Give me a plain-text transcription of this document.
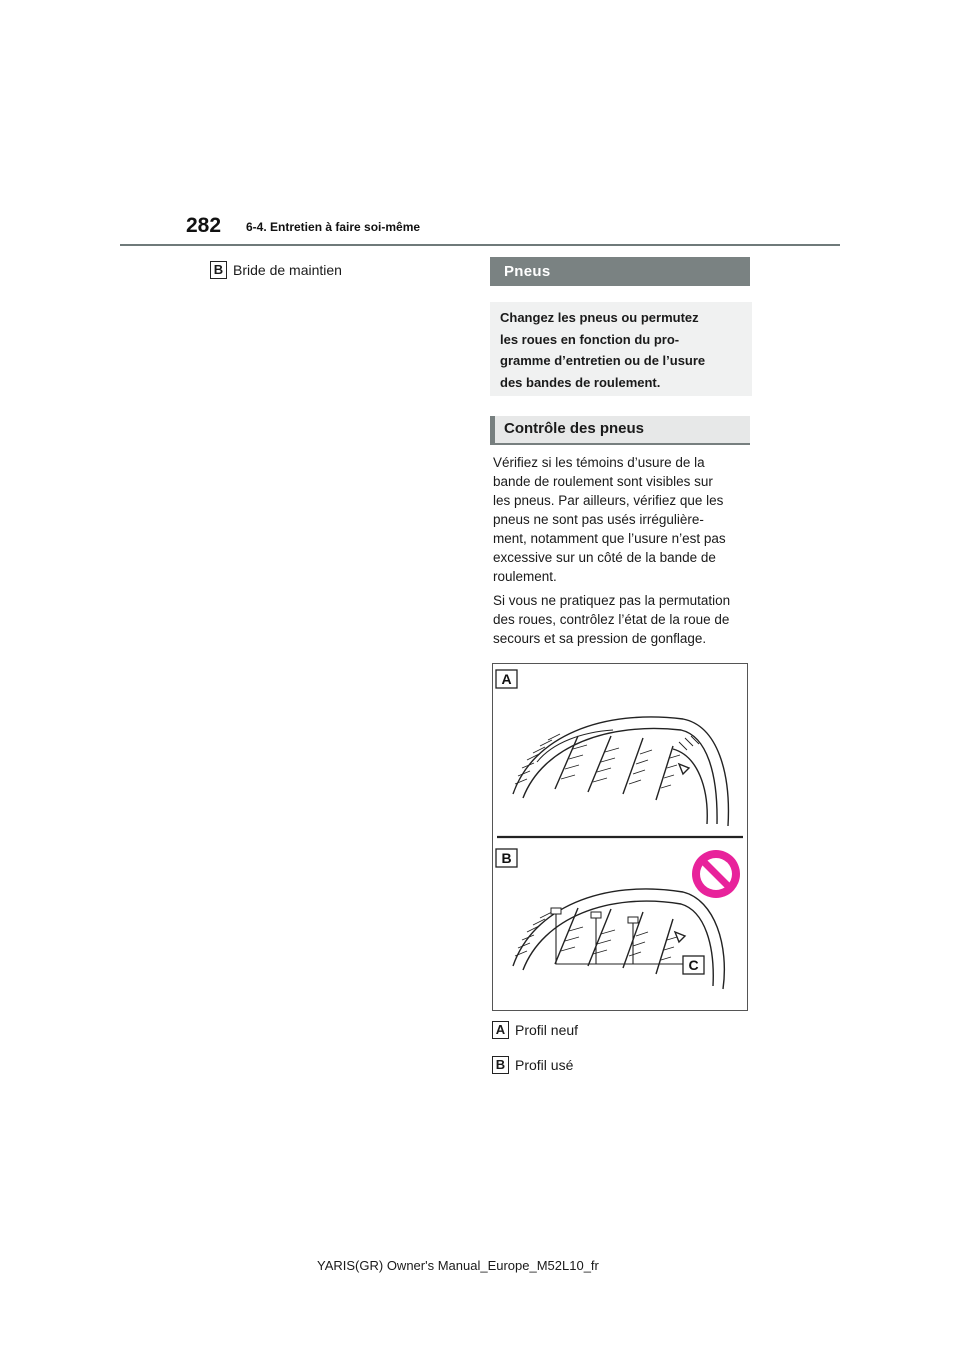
282 6-4. Entretien à faire soi-même
B Bride de maintien	Pneus
Changez les pneus ou permutez
les roues en fonction du pro-
gramme d’entretien ou de l’usure
des bandes de roulement.
Contrôle des pneus
Vérifiez si les témoins d’usure de la
bande de roulement sont visibles sur
les pneus. Par ailleurs, vérifiez que les
pneus ne sont pas usés irrégulière-
ment, notamment que l’usure n’est pas
excessive sur un côté de la bande de
roulement.
Si vous ne pratiquez pas la permutation
des roues, contrôlez l’état de la roue de
secours et sa pression de gonflage.
A
B
C
A Profil neuf
B Profil usé
YARIS(GR) Owner's Manual_Europe_M52L10_fr
